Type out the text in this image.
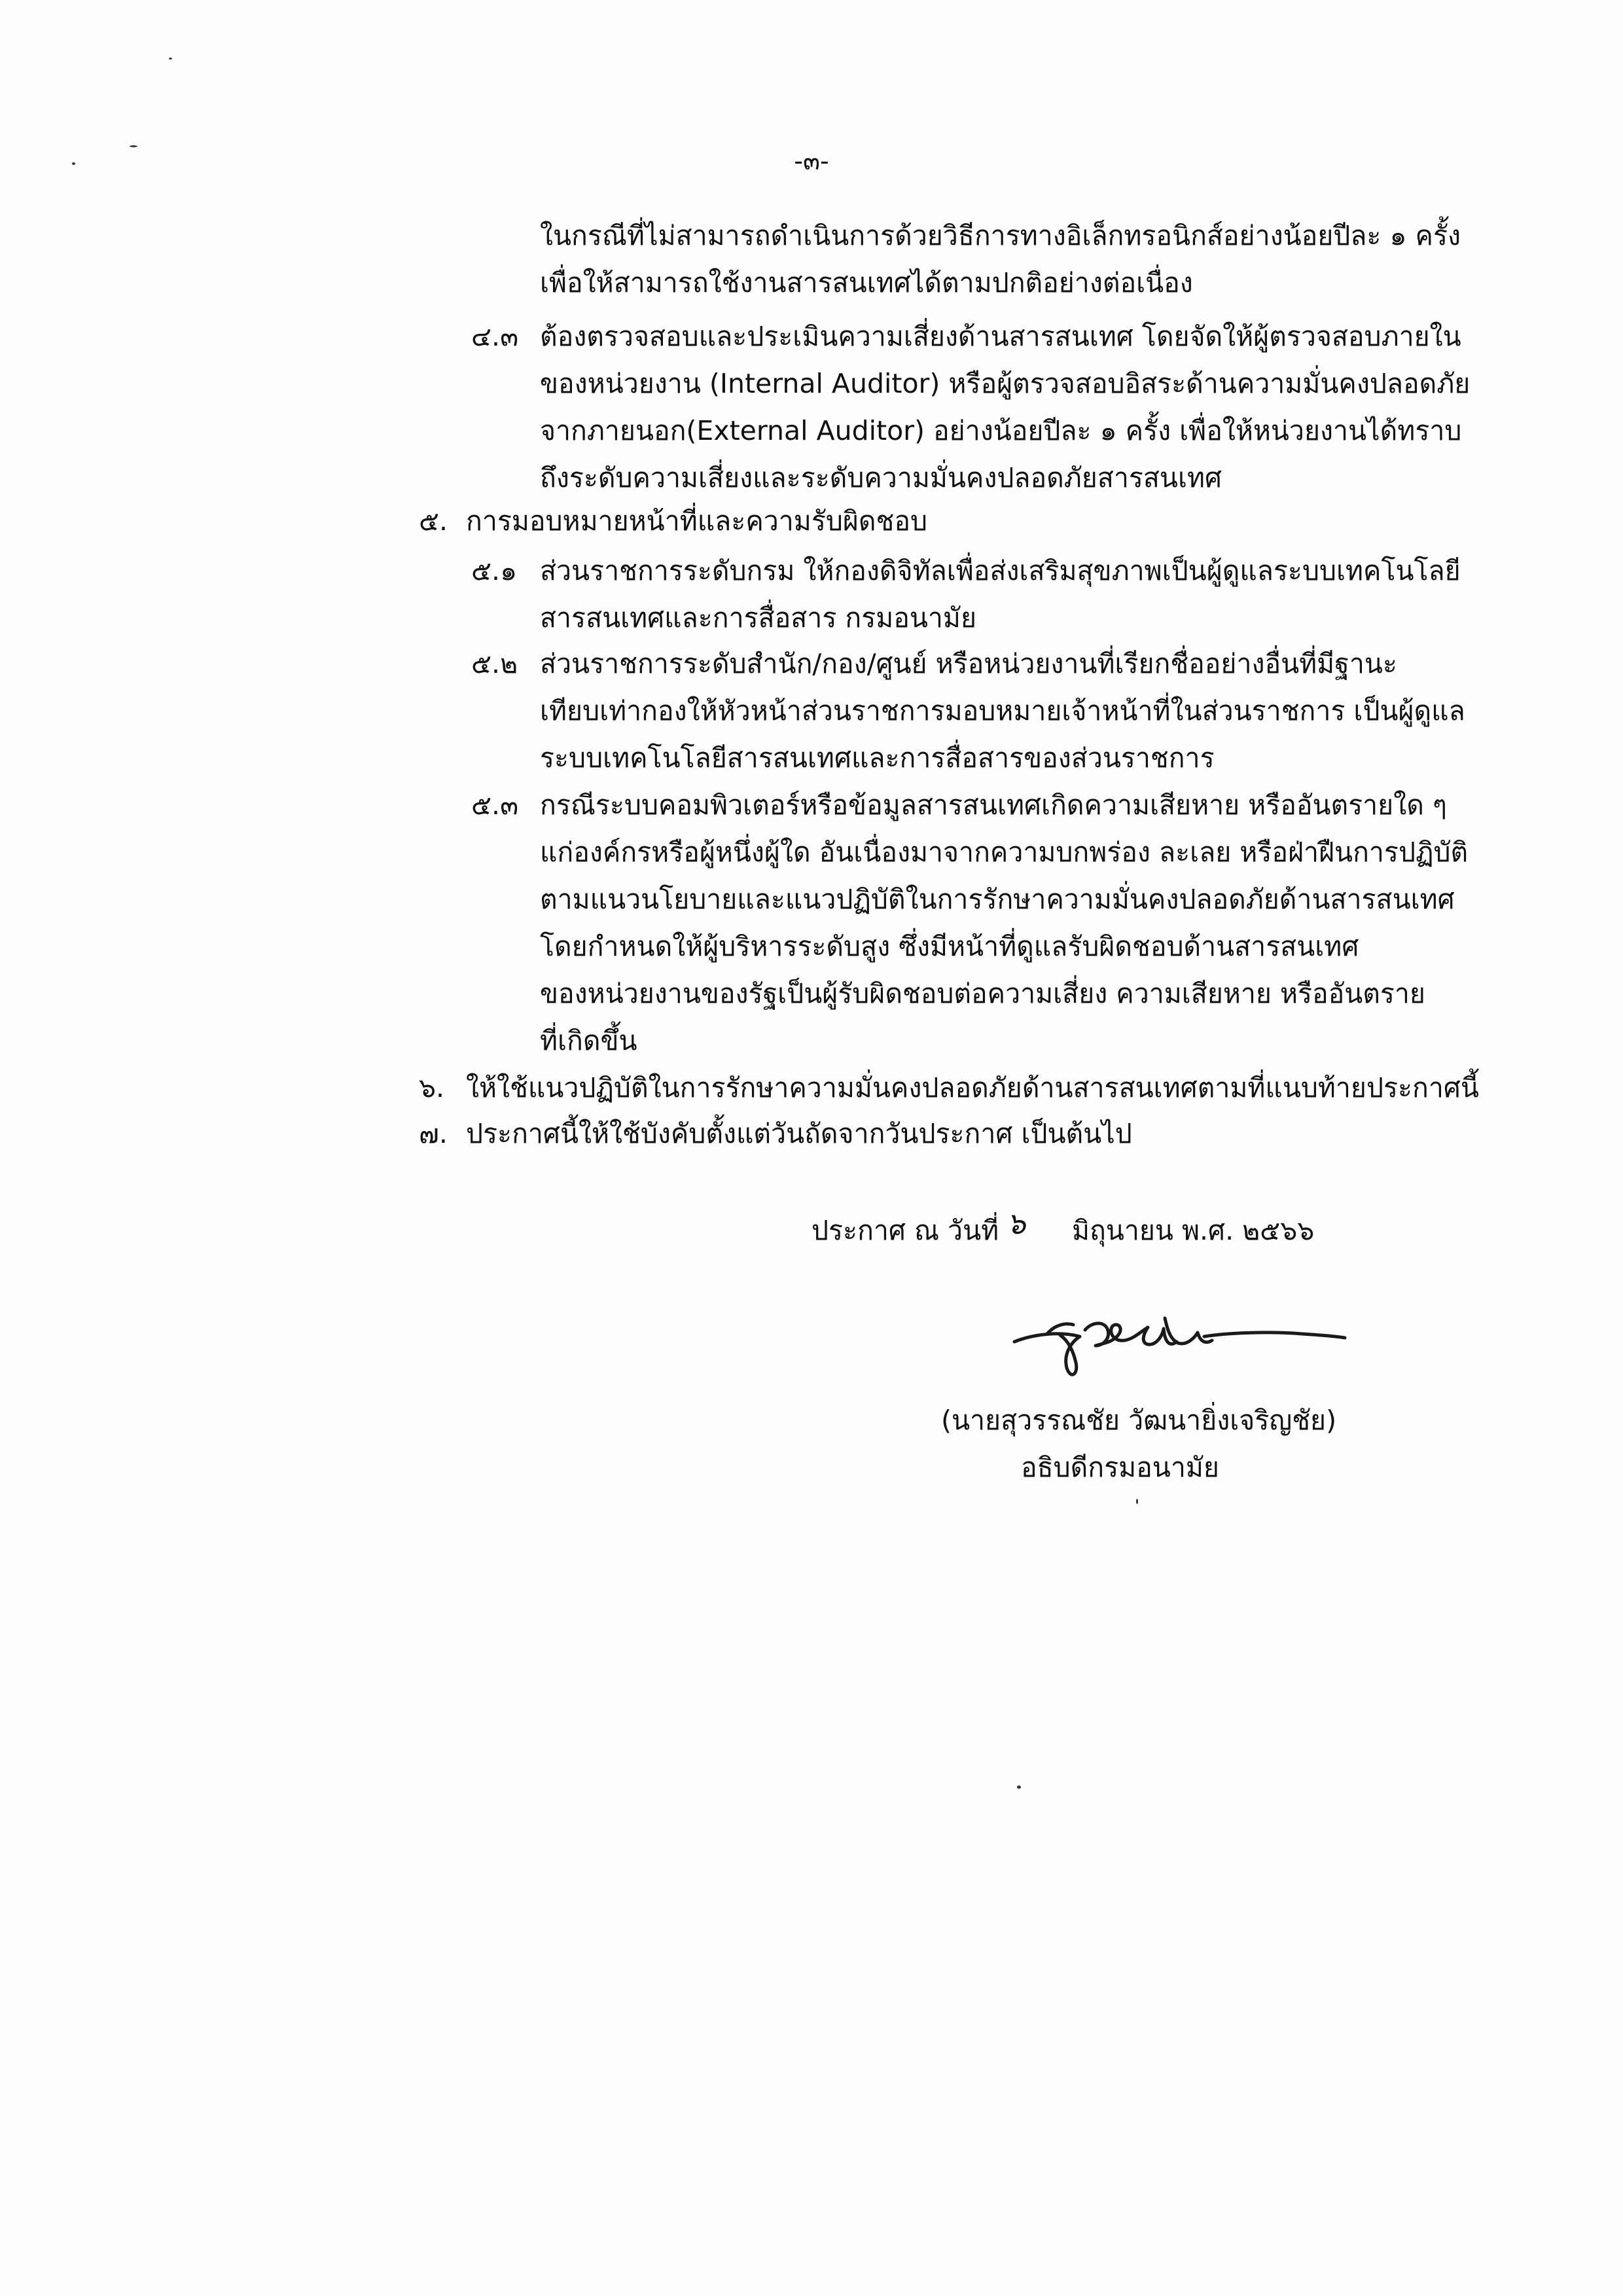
-๓-
ในกรณีที่ไม่สามารถดำเนินการด้วยวิธีการทางอิเล็กทรอนิกส์อย่างน้อยปีละ ๑ ครั้ง
เพื่อให้สามารถใช้งานสารสนเทศได้ตามปกติอย่างต่อเนื่อง
๔.๓ ต้องตรวจสอบและประเมินความเสี่ยงด้านสารสนเทศ โดยจัดให้ผู้ตรวจสอบภายใน
ของหน่วยงาน (Internal Auditor) หรือผู้ตรวจสอบอิสระด้านความมั่นคงปลอดภัย
จากภายนอก(External Auditor) อย่างน้อยปีละ ๑ ครั้ง เพื่อให้หน่วยงานได้ทราบ
ถึงระดับความเสี่ยงและระดับความมั่นคงปลอดภัยสารสนเทศ
๕. การมอบหมายหน้าที่และความรับผิดชอบ
๕.๑ ส่วนราชการระดับกรม ให้กองดิจิทัลเพื่อส่งเสริมสุขภาพเป็นผู้ดูแลระบบเทคโนโลยี
สารสนเทศและการสื่อสาร กรมอนามัย
๕.๒ ส่วนราชการระดับสำนัก/กอง/ศูนย์ หรือหน่วยงานที่เรียกชื่ออย่างอื่นที่มีฐานะ
เทียบเท่ากองให้หัวหน้าส่วนราชการมอบหมายเจ้าหน้าที่ในส่วนราชการ เป็นผู้ดูแล
ระบบเทคโนโลยีสารสนเทศและการสื่อสารของส่วนราชการ
๕.๓ กรณีระบบคอมพิวเตอร์หรือข้อมูลสารสนเทศเกิดความเสียหาย หรืออันตรายใด ๆ
แก่องค์กรหรือผู้หนึ่งผู้ใด อันเนื่องมาจากความบกพร่อง ละเลย หรือฝ่าฝืนการปฏิบัติ
ตามแนวนโยบายและแนวปฏิบัติในการรักษาความมั่นคงปลอดภัยด้านสารสนเทศ
โดยกำหนดให้ผู้บริหารระดับสูง ซึ่งมีหน้าที่ดูแลรับผิดชอบด้านสารสนเทศ
ของหน่วยงานของรัฐเป็นผู้รับผิดชอบต่อความเสี่ยง ความเสียหาย หรืออันตราย
ที่เกิดขึ้น
๖. ให้ใช้แนวปฏิบัติในการรักษาความมั่นคงปลอดภัยด้านสารสนเทศตามที่แนบท้ายประกาศนี้
๗. ประกาศนี้ให้ใช้บังคับตั้งแต่วันถัดจากวันประกาศ เป็นต้นไป
ประกาศ ณ วันที่ ๖ มิถุนายน พ.ศ. ๒๕๖๖
(นายสุวรรณชัย วัฒนายิ่งเจริญชัย)
อธิบดีกรมอนามัย
